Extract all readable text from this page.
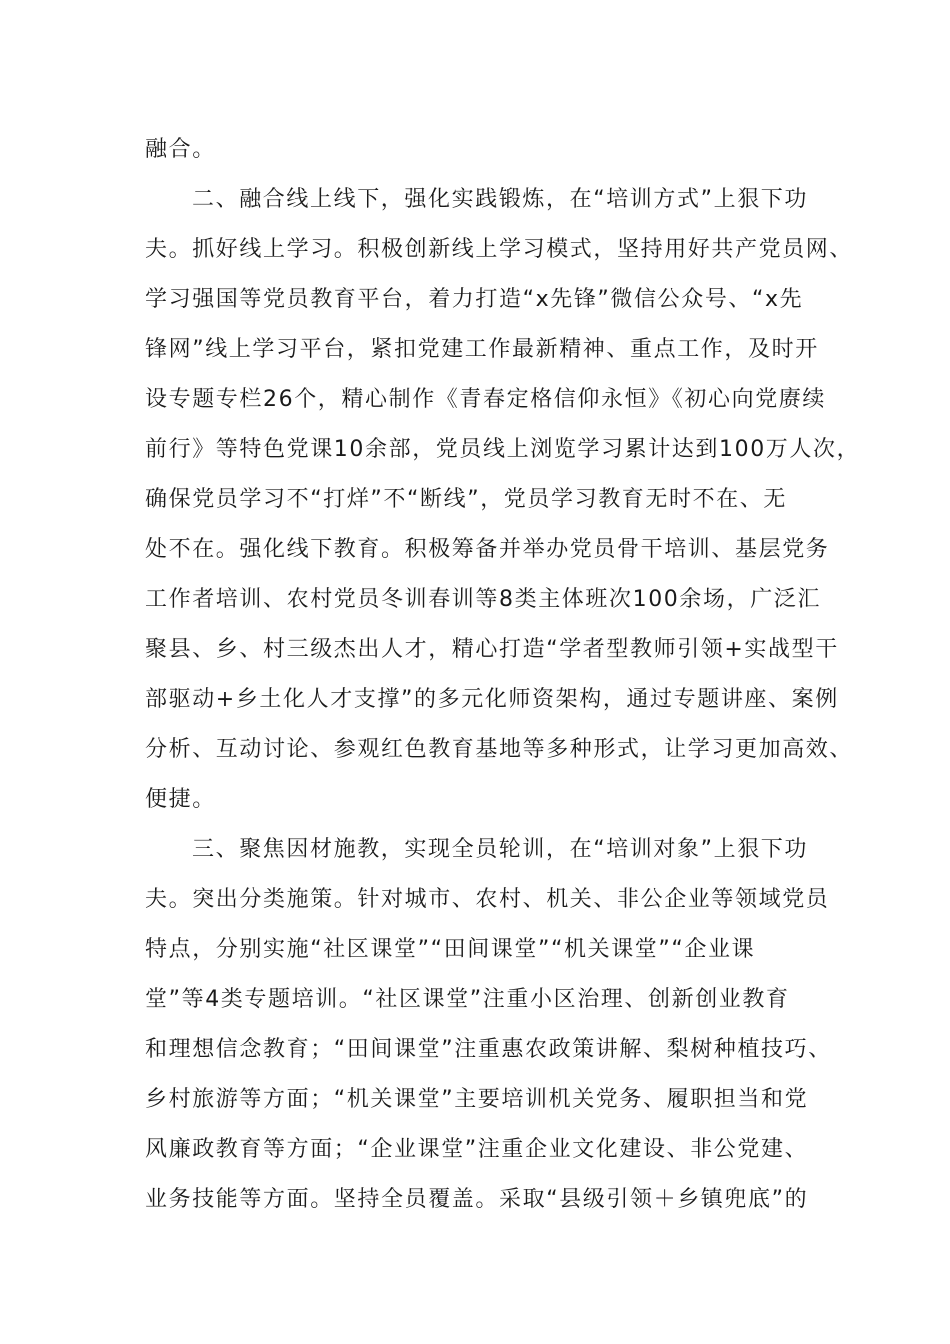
融合。
二、融合线上线下，强化实践锻炼，在“培训方式”上狠下功
夫。抓好线上学习。积极创新线上学习模式，坚持用好共产党员网、
学习强国等党员教育平台，着力打造“x先锋”微信公众号、“x先
锋网”线上学习平台，紧扣党建工作最新精神、重点工作，及时开
设专题专栏26个，精心制作《青春定格信仰永恒》《初心向党赓续
前行》等特色党课10余部，党员线上浏览学习累计达到100万人次，
确保党员学习不“打烊”不“断线”，党员学习教育无时不在、无
处不在。强化线下教育。积极筹备并举办党员骨干培训、基层党务
工作者培训、农村党员冬训春训等8类主体班次100余场，广泛汇
聚县、乡、村三级杰出人才，精心打造“学者型教师引领+实战型干
部驱动+乡土化人才支撑”的多元化师资架构，通过专题讲座、案例
分析、互动讨论、参观红色教育基地等多种形式，让学习更加高效、
便捷。
三、聚焦因材施教，实现全员轮训，在“培训对象”上狠下功
夫。突出分类施策。针对城市、农村、机关、非公企业等领域党员
特点，分别实施“社区课堂”“田间课堂”“机关课堂”“企业课
堂”等4类专题培训。“社区课堂”注重小区治理、创新创业教育
和理想信念教育；“田间课堂”注重惠农政策讲解、梨树种植技巧、
乡村旅游等方面；“机关课堂”主要培训机关党务、履职担当和党
风廉政教育等方面；“企业课堂”注重企业文化建设、非公党建、
业务技能等方面。坚持全员覆盖。采取“县级引领＋乡镇兜底”的
